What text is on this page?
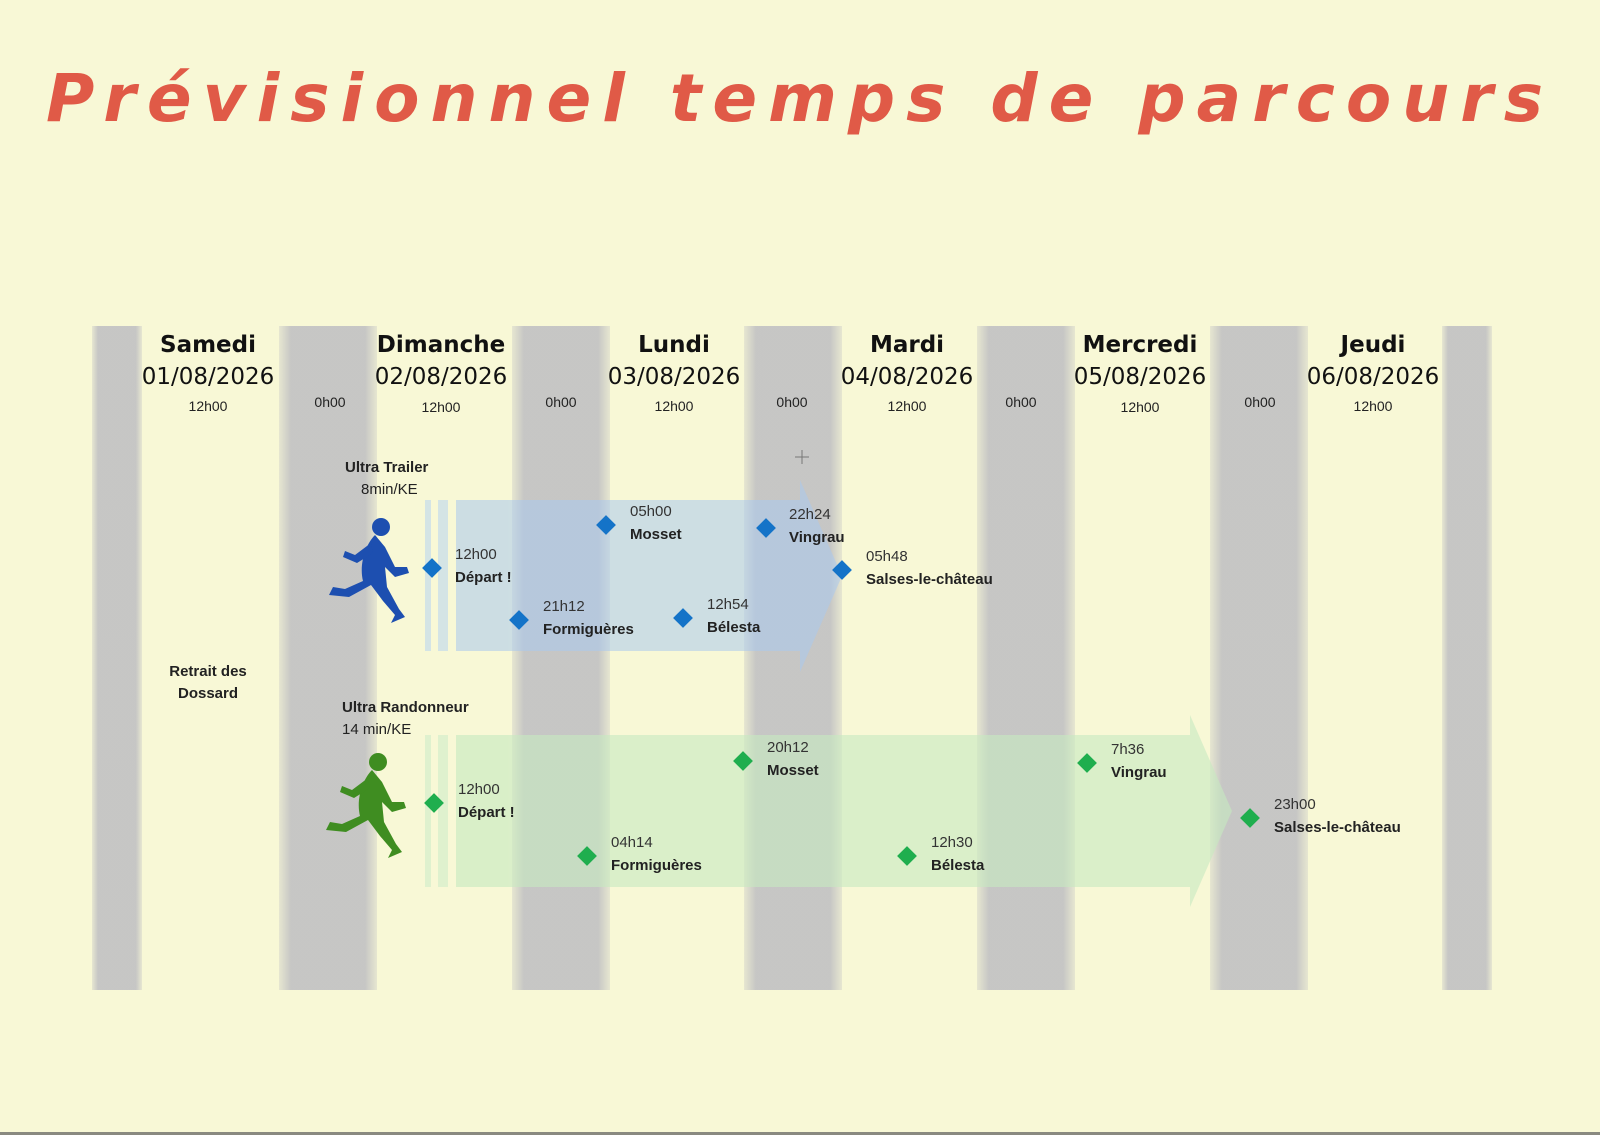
Prévisionnel temps de parcours
Samedi
01/08/2026
Dimanche
02/08/2026
Lundi
03/08/2026
Mardi
04/08/2026
Mercredi
05/08/2026
Jeudi
06/08/2026
12h00	0h00	12h00	0h00	12h00	0h00	12h00	0h00	12h00	0h00	12h00
Ultra Trailer
8min/KE
Ultra Randonneur
14 min/KE
Retrait des
Dossard
12h00
Départ !
21h12
Formiguères
05h00
Mosset
12h54
Bélesta
22h24
Vingrau
05h48
Salses-le-château
12h00
Départ !
04h14
Formiguères
20h12
Mosset
12h30
Bélesta
7h36
Vingrau
23h00
Salses-le-château
